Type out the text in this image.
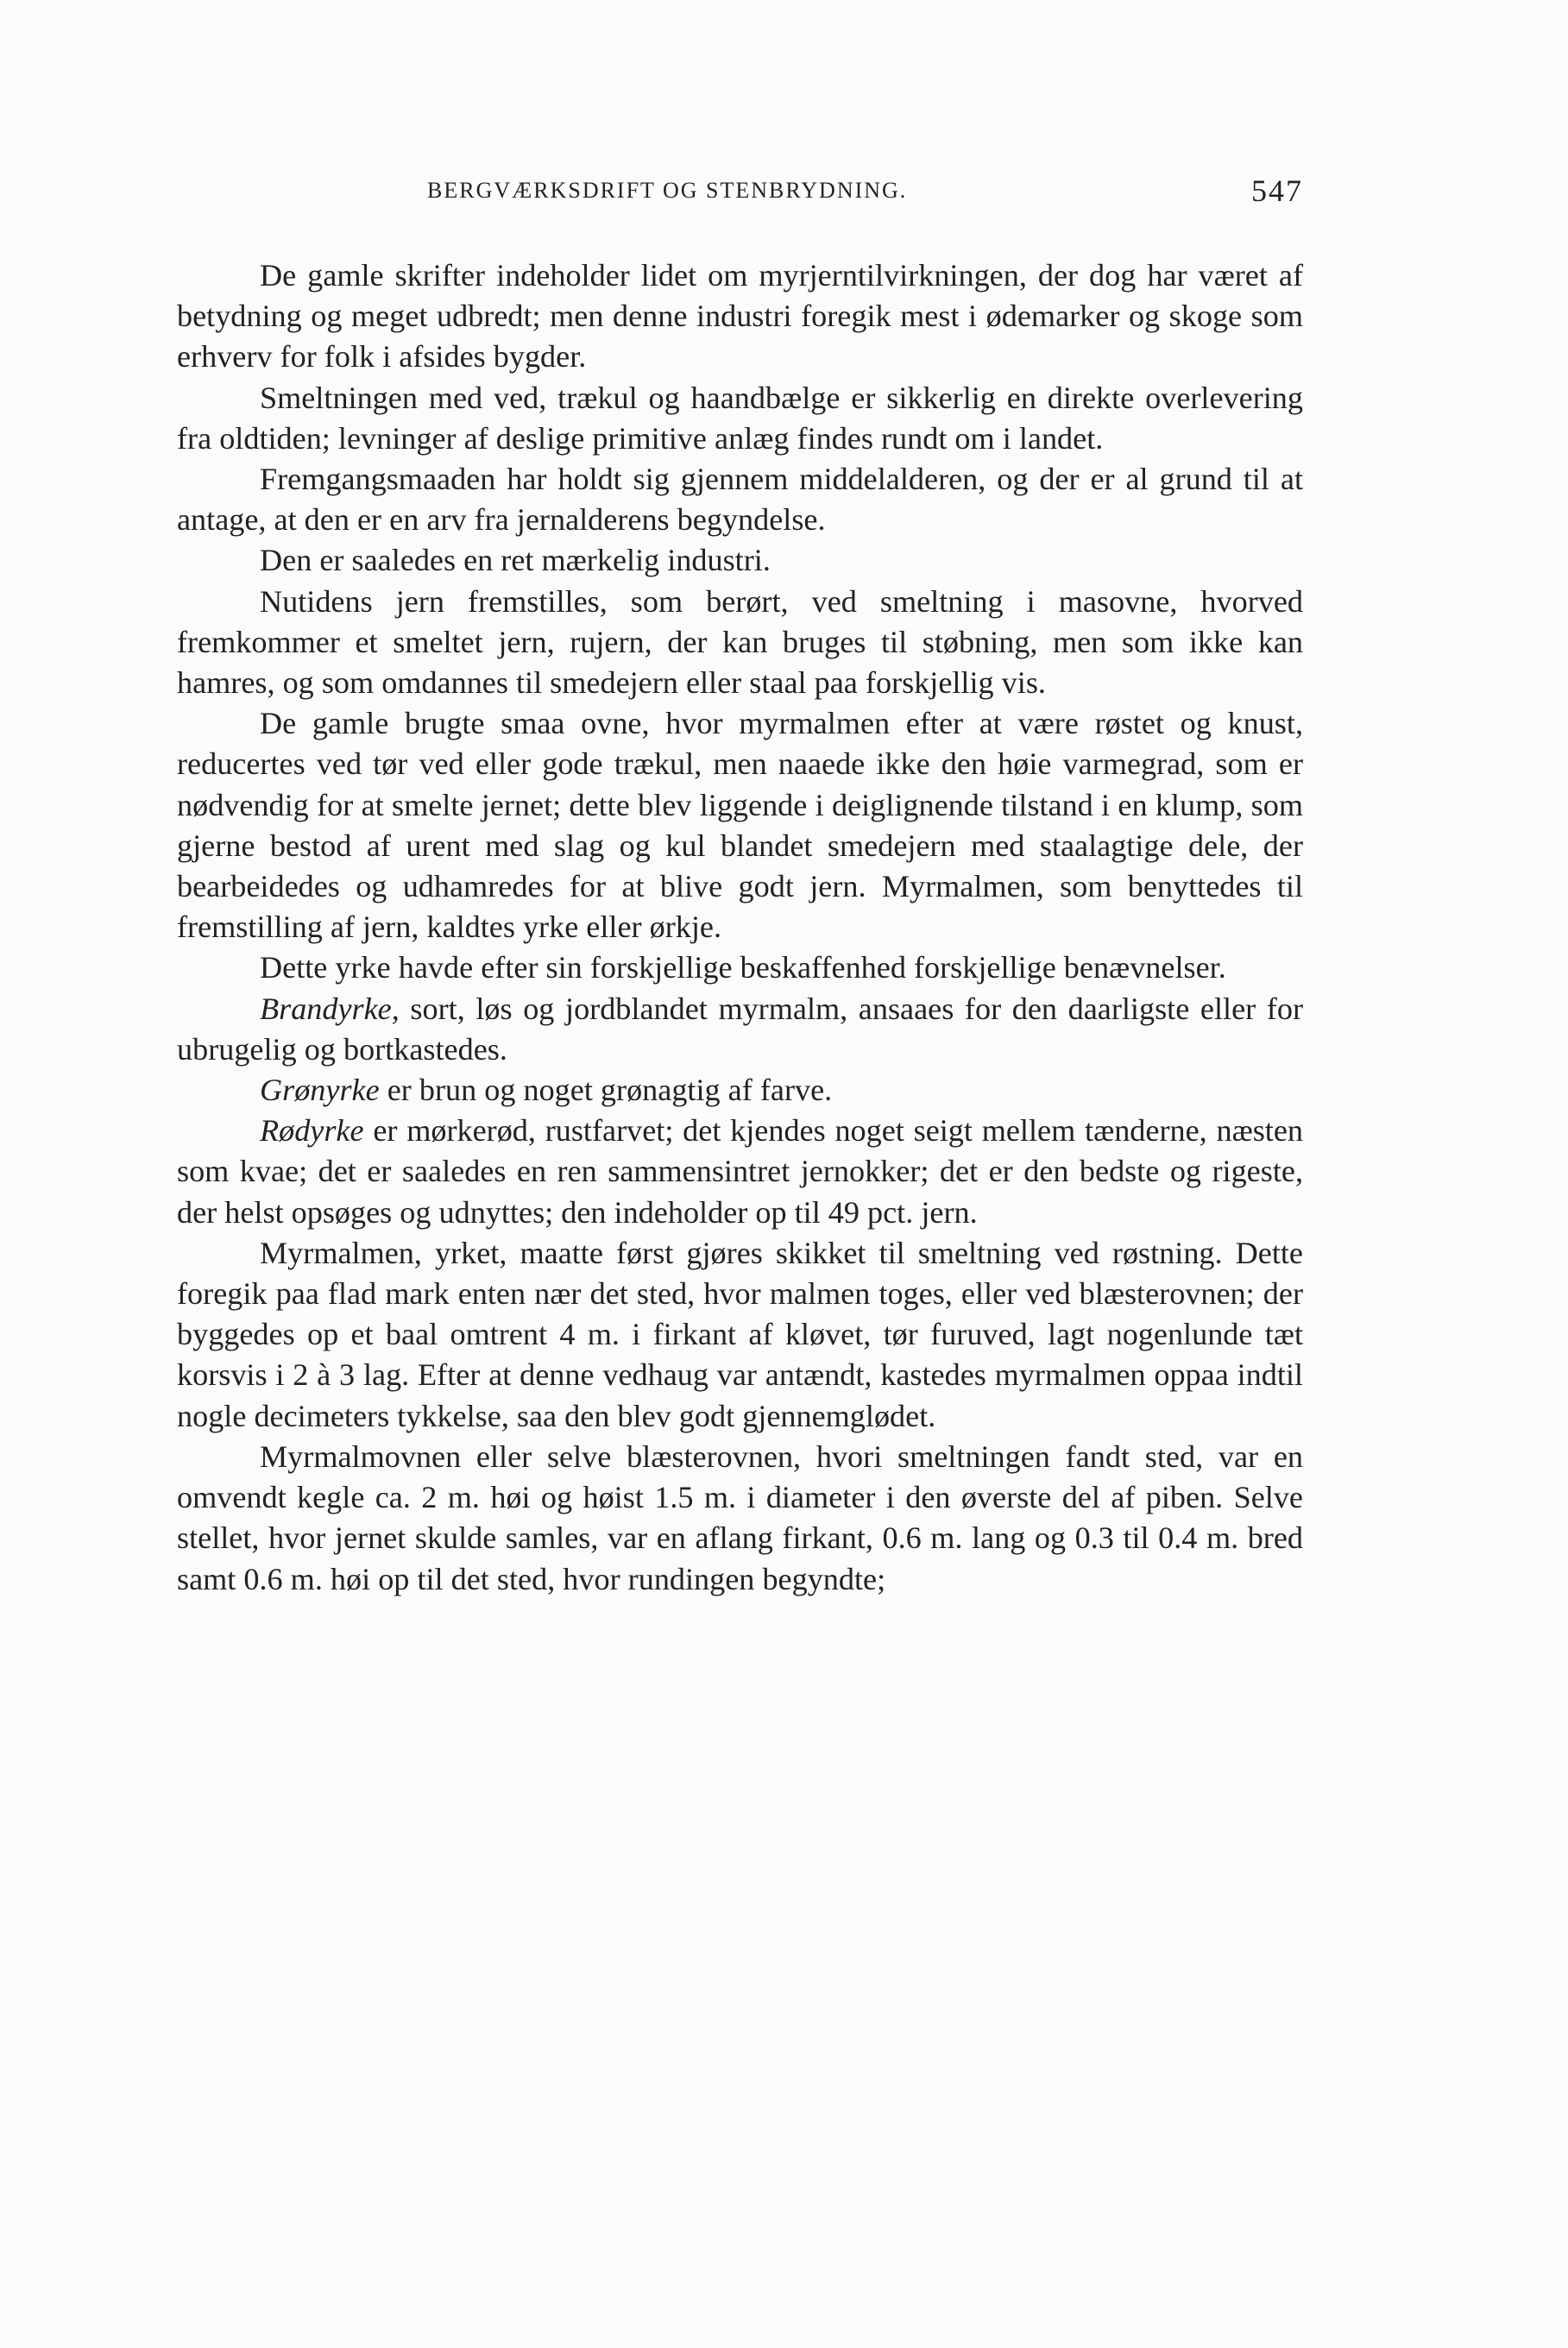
BERGVÆRKSDRIFT OG STENBRYDNING.	547

De gamle skrifter indeholder lidet om myrjerntilvirkningen, der dog har været af betydning og meget udbredt; men denne industri foregik mest i ødemarker og skoge som erhverv for folk i afsides bygder.

Smeltningen med ved, trækul og haandbælge er sikkerlig en direkte overlevering fra oldtiden; levninger af deslige primitive anlæg findes rundt om i landet.

Fremgangsmaaden har holdt sig gjennem middelalderen, og der er al grund til at antage, at den er en arv fra jernalderens begyndelse.

Den er saaledes en ret mærkelig industri.

Nutidens jern fremstilles, som berørt, ved smeltning i masovne, hvorved fremkommer et smeltet jern, rujern, der kan bruges til støbning, men som ikke kan hamres, og som omdannes til smedejern eller staal paa forskjellig vis.

De gamle brugte smaa ovne, hvor myrmalmen efter at være røstet og knust, reducertes ved tør ved eller gode trækul, men naaede ikke den høie varmegrad, som er nødvendig for at smelte jernet; dette blev liggende i deiglignende tilstand i en klump, som gjerne bestod af urent med slag og kul blandet smedejern med staalagtige dele, der bearbeidedes og udhamredes for at blive godt jern. Myrmalmen, som benyttedes til fremstilling af jern, kaldtes yrke eller ørkje.

Dette yrke havde efter sin forskjellige beskaffenhed forskjellige benævnelser.

Brandyrke, sort, løs og jordblandet myrmalm, ansaaes for den daarligste eller for ubrugelig og bortkastedes.

Grønyrke er brun og noget grønagtig af farve.

Rødyrke er mørkerød, rustfarvet; det kjendes noget seigt mellem tænderne, næsten som kvae; det er saaledes en ren sammensintret jernokker; det er den bedste og rigeste, der helst opsøges og udnyttes; den indeholder op til 49 pct. jern.

Myrmalmen, yrket, maatte først gjøres skikket til smeltning ved røstning. Dette foregik paa flad mark enten nær det sted, hvor malmen toges, eller ved blæsterovnen; der byggedes op et baal omtrent 4 m. i firkant af kløvet, tør furuved, lagt nogenlunde tæt korsvis i 2 à 3 lag. Efter at denne vedhaug var antændt, kastedes myrmalmen oppaa indtil nogle decimeters tykkelse, saa den blev godt gjennemglødet.

Myrmalmovnen eller selve blæsterovnen, hvori smeltningen fandt sted, var en omvendt kegle ca. 2 m. høi og høist 1.5 m. i diameter i den øverste del af piben. Selve stellet, hvor jernet skulde samles, var en aflang firkant, 0.6 m. lang og 0.3 til 0.4 m. bred samt 0.6 m. høi op til det sted, hvor rundingen begyndte;
